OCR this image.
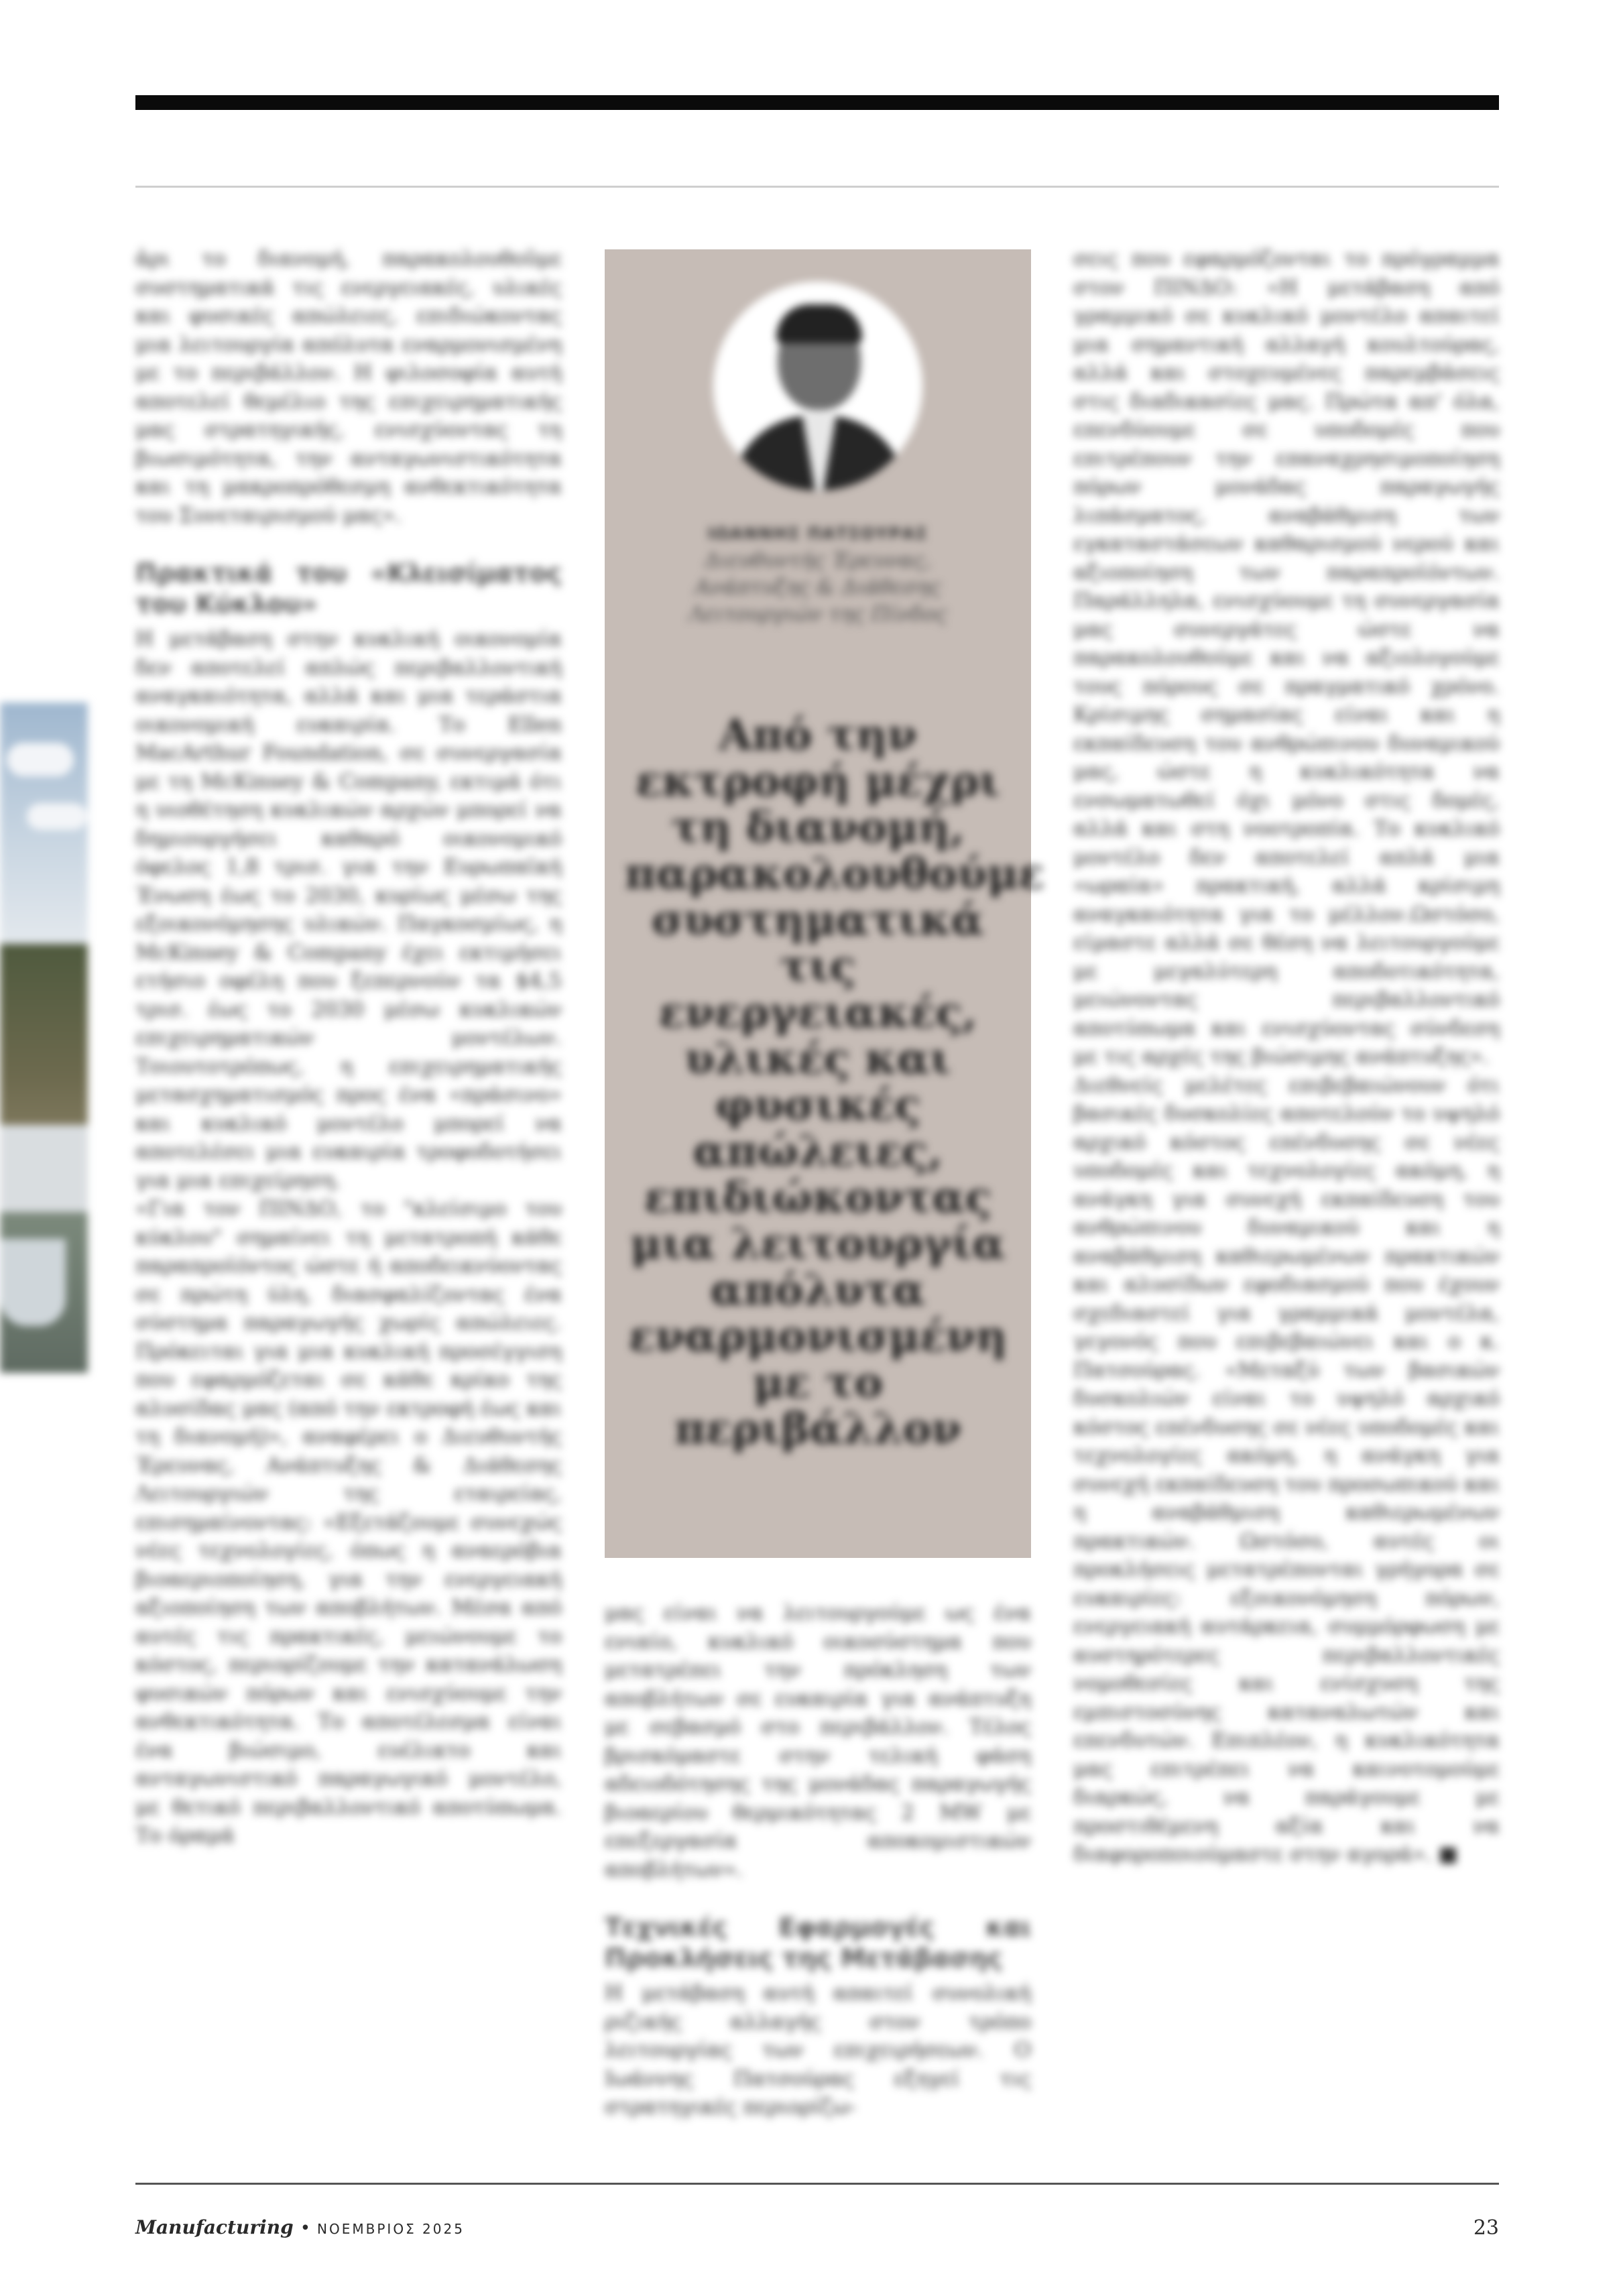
ἀρι το διανομή, παρακολουθοῦμε συστηματικά τις ενεργειακές, υλικές και φυσικές απώλειες, επιδιώκοντας μια λειτουργία απόλυτα εναρμονισμένη με το περιβάλλον. Η φιλοσοφία αυτή αποτελεί θεμέλιο της επιχειρηματικής μας στρατηγικής, ενισχύοντας τη βιωσιμότητα, την ανταγωνιστικότητα και τη μακροπρόθεσμη ανθεκτικότητα του Συνεταιρισμού μας».

Πρακτικά του «Κλεισίματος του Κύκλου»

Η μετάβαση στην κυκλική οικονομία δεν αποτελεί απλώς περιβαλλοντική αναγκαιότητα, αλλά και μια τεράστια οικονομική ευκαιρία. Το Ellen MacArthur Foundation, σε συνεργασία με τη McKinsey & Company, εκτιμά ότι η υιοθέτηση κυκλικών αρχών μπορεί να δημιουργήσει καθαρό οικονομικό όφελος 1,8 τρισ. για την Ευρωπαϊκή Ένωση έως το 2030, κυρίως μέσω της εξοικονόμησης υλικών. Παγκοσμίως, η McKinsey & Company έχει εκτιμήσει ετήσιο οφέλη που ξεπερνούν τα $4,5 τρισ. έως το 2030 μέσω κυκλικών επιχειρηματικών μοντέλων. Τοιουτοτρόπως, η επιχειρηματικής μετασχηματισμός προς ένα «πράσινο» και κυκλικό μοντέλο μπορεί να αποτελέσει μια ευκαιρία τροφοδοτήσει για μια επιχείρηση.

«Για τον ΠΙΝΔΟ, το "κλείσιμο του κύκλου" σημαίνει τη μετατροπή κάθε παραπροϊόντος ώστε ή αποδεικνύοντας σε πρώτη ύλη, διασφαλίζοντας ένα σύστημα παραγωγής χωρίς απώλειες. Πρόκειται για μια κυκλική προσέγγιση που εφαρμόζεται σε κάθε κρίκο της αλυσίδας μας (από την εκτροφή έως και τη διανομή)», αναφέρει ο Διευθυντής Έρευνας, Ανάπτυξης & Διάθεσης Λειτουργιών της εταιρείας, επισημαίνοντας: «Εξετάζουμε συνεχώς νέες τεχνολογίες, όπως η αναερόβια βιοαεριοποίηση, για την ενεργειακή αξιοποίηση των αποβλήτων. Μέσα από αυτές τις πρακτικές, μειώνουμε το κόστος, περιορίζουμε την κατανάλωση φυσικών πόρων και ενισχύουμε την ανθεκτικότητα. Το αποτέλεσμα είναι ένα βιώσιμο, ευέλικτο και ανταγωνιστικό παραγωγικό μοντέλο, με θετικό περιβαλλοντικό αποτύπωμα. Το όραμά

ΙΩΑΝΝΗΣ ΠΑΤΣΟΥΡΑΣ
Διευθυντής Έρευνας,
Ανάπτυξης & Διάθεσης
Λειτουργιών της Πίνδος
Από την εκτροφή μέχρι τη διανομή, παρακολουθούμε συστηματικά τις ενεργειακές, υλικές και φυσικές απώλειες, επιδιώκοντας μια λειτουργία απόλυτα εναρμονισμένη με το περιβάλλον

μας είναι να λειτουργούμε ως ένα ενιαίο, κυκλικό οικοσύστημα που μετατρέπει την πρόκληση των αποβλήτων σε ευκαιρία για ανάπτυξη με σεβασμό στο περιβάλλον. Τέλος βρισκόμαστε στην τελική φάση αδειοδότησης της μονάδας παραγωγής βιοαερίου θερμικότητας 2 MW με επεξεργασία αποκομιστικών αποβλήτων».

Τεχνικές Εφαρμογές και Προκλήσεις της Μετάβασης

Η μετάβαση αυτή απαιτεί συνολική ριζικής αλλαγής στον τρόπο λειτουργίας των επιχειρήσεων. Ο Ιωάννης Πατσούρας εξηγεί τις στρατηγικές περιορίζω-

σεις που εφαρμόζονται το πρόγραμμα στον ΠΙΝΔΟ: «Η μετάβαση από γραμμικό σε κυκλικό μοντέλο απαιτεί μια σημαντική αλλαγή κουλτούρας, αλλά και στοχευμένες παρεμβάσεις στις διαδικασίες μας. Πρώτα απ' όλα, επενδύουμε σε υποδομές που επιτρέπουν την επαναχρησιμοποίηση πόρων μονάδας παραγωγής λιπάσματος, αναβάθμιση των εγκαταστάσεων καθαρισμού νερού και αξιοποίηση των παραπροϊόντων. Παράλληλα, ενισχύουμε τη συνεργασία μας συνεργάτες ώστε να παρακολουθούμε και να αξιολογούμε τους πόρους σε πραγματικό χρόνο. Κρίσιμης σημασίας είναι και η εκπαίδευση του ανθρώπινου δυναμικού μας, ώστε η κυκλικότητα να ενσωματωθεί όχι μόνο στις δομές, αλλά και στη νοοτροπία. Το κυκλικό μοντέλο δεν αποτελεί απλά μια «ωραία» πρακτική, αλλά κρίσιμη αναγκαιότητα για το μέλλον.Ωστόσο, είμαστε αλλά σε θέση να λειτουργούμε με μεγαλύτερη αποδοτικότητα, μειώνοντας περιβαλλοντικό αποτύπωμα και ενισχύοντας σύνδεση με τις αρχές της βιώσιμης ανάπτυξης».

Διεθνείς μελέτες επιβεβαιώνουν ότι βασικές δυσκολίες αποτελούν το υψηλό αρχικό κόστος επένδυσης σε νέες υποδομές και τεχνολογίες ακόμη, η ανάγκη για συνεχή εκπαίδευση του ανθρώπινου δυναμικού και η αναβάθμιση καθιερωμένων πρακτικών και αλυσίδων εφοδιασμού που έχουν σχεδιαστεί για γραμμικά μοντέλα, γεγονός που επιβεβαιώνει και ο κ. Πατσούρας. «Μεταξύ των βασικών δυσκολιών είναι το υψηλό αρχικό κόστος επένδυσης σε νέες υποδομές και τεχνολογίες ακόμη, η ανάγκη για συνεχή εκπαίδευση του προσωπικού και η αναβάθμιση καθιερωμένων πρακτικών. Ωστόσο, αυτές οι προκλήσεις μετατρέπονται γρήγορα σε ευκαιρίες: εξοικονόμηση πόρων, ενεργειακή αυτάρκεια, συμμόρφωση με αυστηρότερες περιβαλλοντικές νομοθεσίες και ενίσχυση της εμπιστοσύνης καταναλωτών και επενδυτών. Επιπλέον, η κυκλικότητα μας επιτρέπει να καινοτομούμε διαρκώς, να παράγουμε με προστιθέμενη αξία και να διαφοροποιούμαστε στην αγορά». ■

Manufacturing • ΝΟΕΜΒΡΙΟΣ 2025	23
